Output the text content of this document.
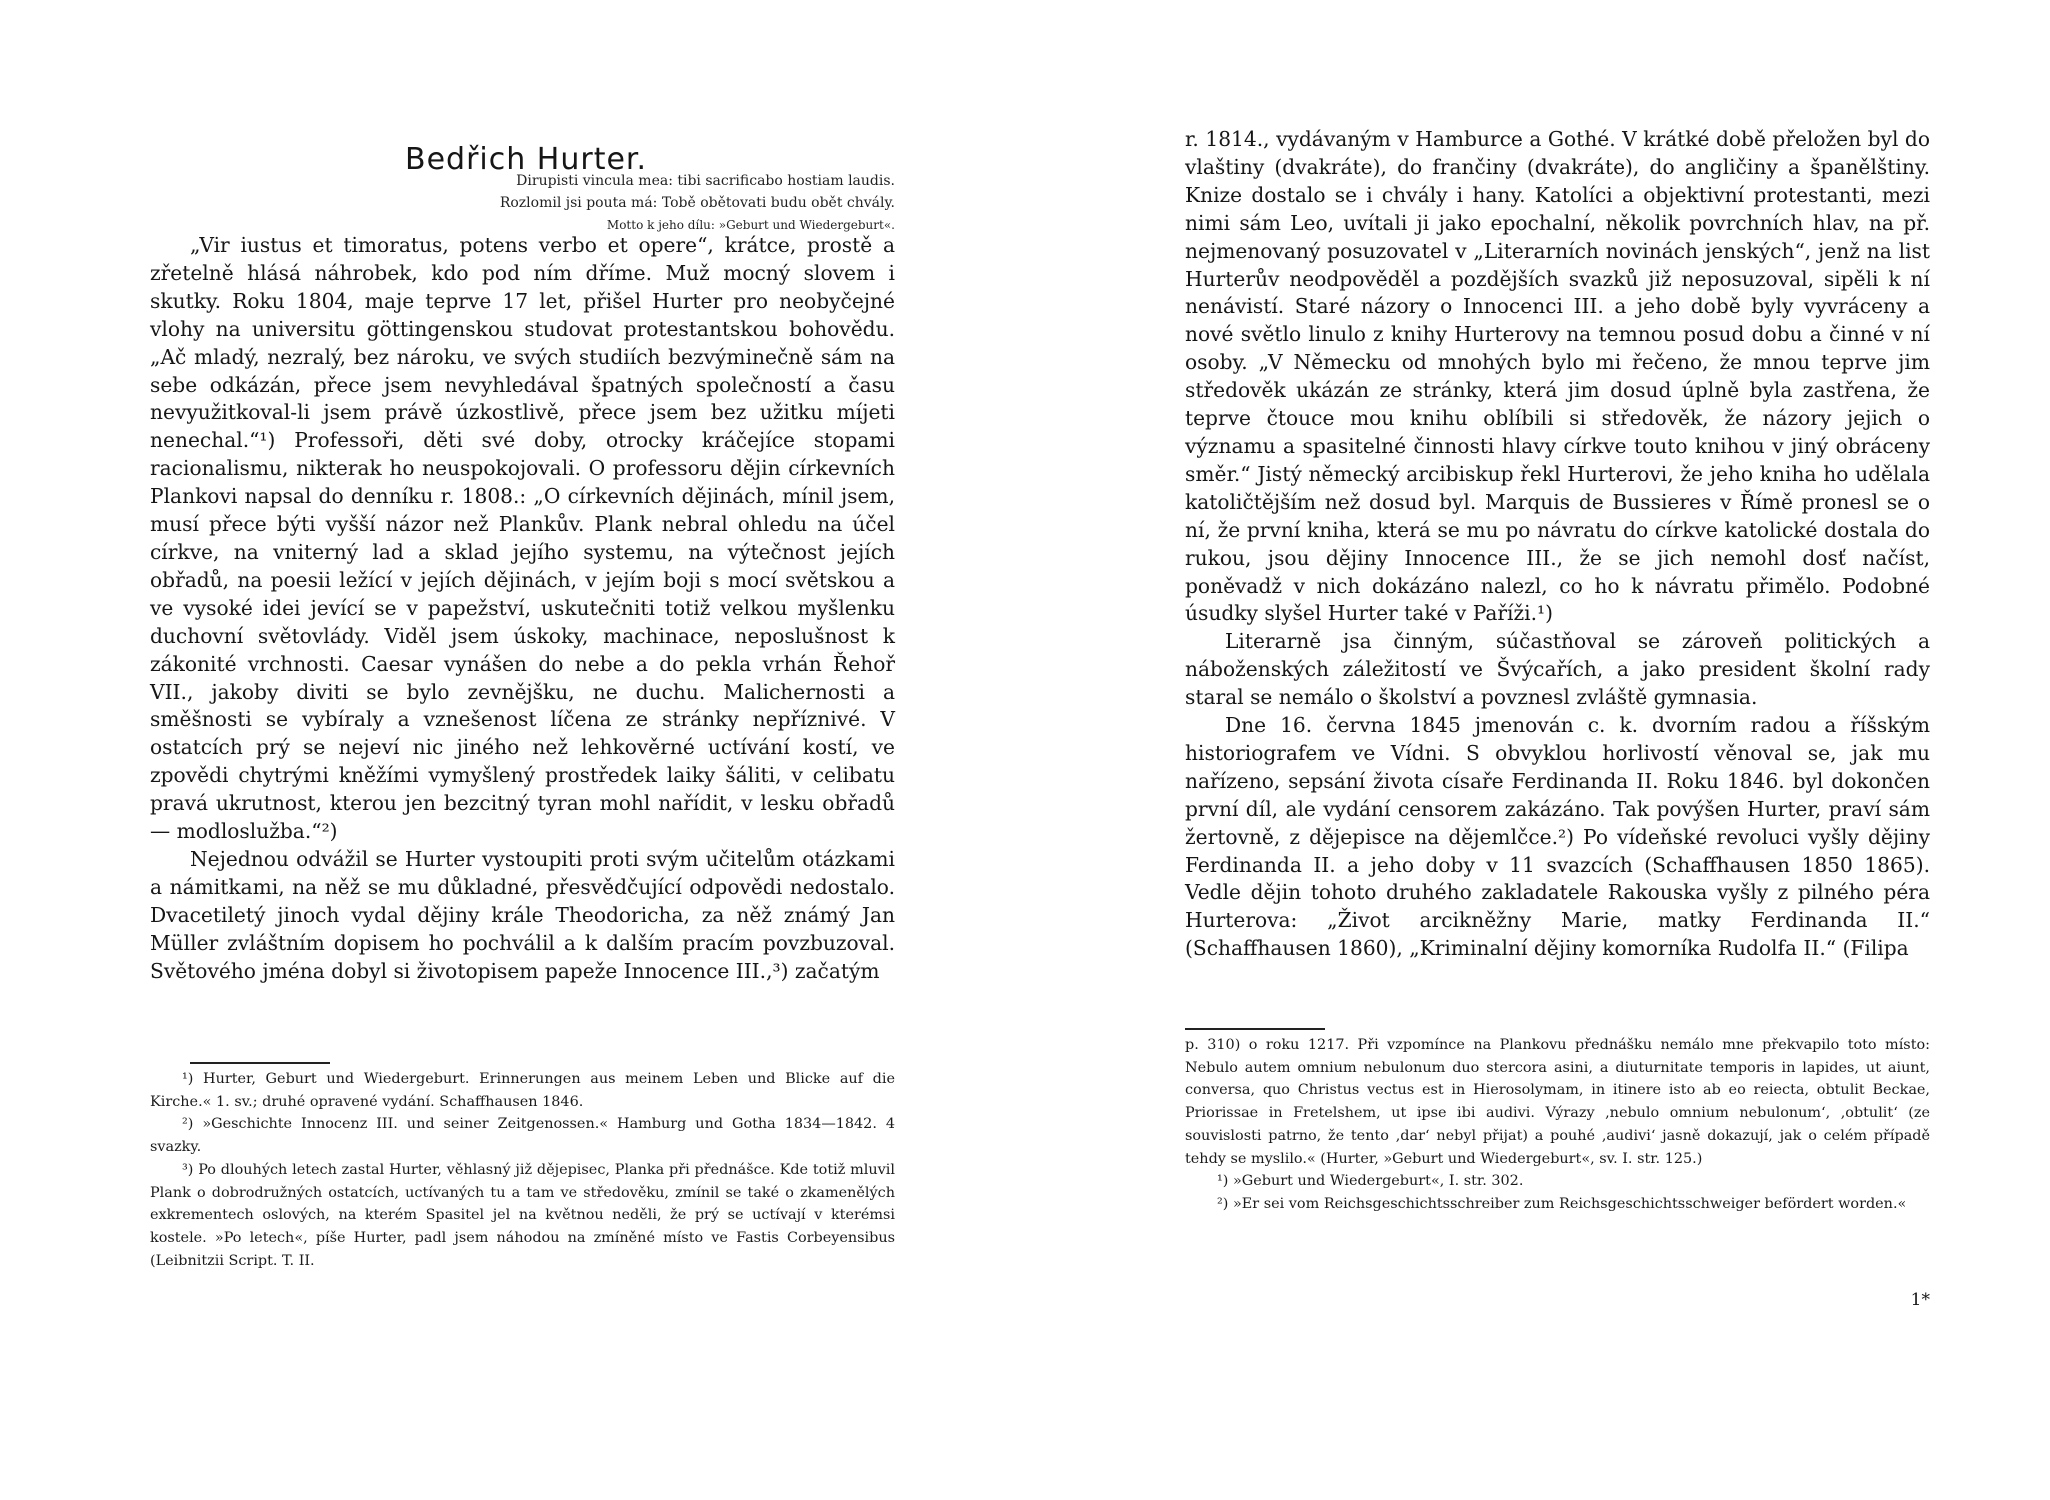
Bedřich Hurter.
Dirupisti vincula mea: tibi sacrificabo hostiam laudis.
Rozlomil jsi pouta má: Tobě obětovati budu obět chvály.
Motto k jeho dílu: »Geburt und Wiedergeburt«.

„Vir iustus et timoratus, potens verbo et opere“, krátce, prostě a zřetelně hlásá náhrobek, kdo pod ním dříme. Muž mocný slovem i skutky. Roku 1804, maje teprve 17 let, přišel Hurter pro neobyčejné vlohy na universitu göttingenskou studovat protestantskou bohovědu. „Ač mladý, nezralý, bez nároku, ve svých studiích bezvýminečně sám na sebe odkázán, přece jsem nevyhledával špatných společností a času nevyužitkoval-li jsem právě úzkostlivě, přece jsem bez užitku míjeti nenechal.“¹) Professoři, děti své doby, otrocky kráčejíce stopami racionalismu, nikterak ho neuspokojovali. O professoru dějin církevních Plankovi napsal do denníku r. 1808.: „O církevních dějinách, mínil jsem, musí přece býti vyšší názor než Plankův. Plank nebral ohledu na účel církve, na vniterný lad a sklad jejího systemu, na výtečnost jejích obřadů, na poesii ležící v jejích dějinách, v jejím boji s mocí světskou a ve vysoké idei jevící se v papežství, uskutečniti totiž velkou myšlenku duchovní světovlády. Viděl jsem úskoky, machinace, neposlušnost k zákonité vrchnosti. Caesar vynášen do nebe a do pekla vrhán Řehoř VII., jakoby diviti se bylo zevnějšku, ne duchu. Malichernosti a směšnosti se vybíraly a vznešenost líčena ze stránky nepříznivé. V ostatcích prý se nejeví nic jiného než lehkověrné uctívání kostí, ve zpovědi chytrými kněžími vymyšlený prostředek laiky šáliti, v celibatu pravá ukrutnost, kterou jen bezcitný tyran mohl nařídit, v lesku obřadů — modloslužba.“²)

Nejednou odvážil se Hurter vystoupiti proti svým učitelům otázkami a námitkami, na něž se mu důkladné, přesvědčující odpovědi nedostalo. Dvacetiletý jinoch vydal dějiny krále Theodoricha, za něž známý Jan Müller zvláštním dopisem ho pochválil a k dalším pracím povzbuzoval. Světového jména dobyl si životopisem papeže Innocence III.,³) začatým

¹) Hurter, Geburt und Wiedergeburt. Erinnerungen aus meinem Leben und Blicke auf die Kirche.« 1. sv.; druhé opravené vydání. Schaffhausen 1846.

²) »Geschichte Innocenz III. und seiner Zeitgenossen.« Hamburg und Gotha 1834—1842. 4 svazky.

³) Po dlouhých letech zastal Hurter, věhlasný již dějepisec, Planka při přednášce. Kde totiž mluvil Plank o dobrodružných ostatcích, uctívaných tu a tam ve středověku, zmínil se také o zkamenělých exkrementech oslových, na kterém Spasitel jel na květnou neděli, že prý se uctívají v kterémsi kostele. »Po letech«, píše Hurter, padl jsem náhodou na zmíněné místo ve Fastis Corbeyensibus (Leibnitzii Script. T. II.

r. 1814., vydávaným v Hamburce a Gothé. V krátké době přeložen byl do vlaštiny (dvakráte), do frančiny (dvakráte), do angličiny a španělštiny. Knize dostalo se i chvály i hany. Katolíci a objektivní protestanti, mezi nimi sám Leo, uvítali ji jako epochalní, několik povrchních hlav, na př. nejmenovaný posuzovatel v „Literarních novinách jenských“, jenž na list Hurterův neodpověděl a pozdějších svazků již neposuzoval, sipěli k ní nenávistí. Staré názory o Innocenci III. a jeho době byly vyvráceny a nové světlo linulo z knihy Hurterovy na temnou posud dobu a činné v ní osoby. „V Německu od mnohých bylo mi řečeno, že mnou teprve jim středověk ukázán ze stránky, která jim dosud úplně byla zastřena, že teprve čtouce mou knihu oblíbili si středověk, že názory jejich o významu a spasitelné činnosti hlavy církve touto knihou v jiný obráceny směr.“ Jistý německý arcibiskup řekl Hurterovi, že jeho kniha ho udělala katoličtějším než dosud byl. Marquis de Bussieres v Římě pronesl se o ní, že první kniha, která se mu po návratu do církve katolické dostala do rukou, jsou dějiny Innocence III., že se jich nemohl dosť načíst, poněvadž v nich dokázáno nalezl, co ho k návratu přimělo. Podobné úsudky slyšel Hurter také v Paříži.¹)

Literarně jsa činným, súčastňoval se zároveň politických a náboženských záležitostí ve Švýcařích, a jako president školní rady staral se nemálo o školství a povznesl zvláště gymnasia.

Dne 16. června 1845 jmenován c. k. dvorním radou a říšským historiografem ve Vídni. S obvyklou horlivostí věnoval se, jak mu nařízeno, sepsání života císaře Ferdinanda II. Roku 1846. byl dokončen první díl, ale vydání censorem zakázáno. Tak povýšen Hurter, praví sám žertovně, z dějepisce na dějemlčce.²) Po vídeňské revoluci vyšly dějiny Ferdinanda II. a jeho doby v 11 svazcích (Schaffhausen 1850 1865). Vedle dějin tohoto druhého zakladatele Rakouska vyšly z pilného péra Hurterova: „Život arcikněžny Marie, matky Ferdinanda II.“ (Schaffhausen 1860), „Kriminalní dějiny komorníka Rudolfa II.“ (Filipa

p. 310) o roku 1217. Při vzpomínce na Plankovu přednášku nemálo mne překvapilo toto místo: Nebulo autem omnium nebulonum duo stercora asini, a diuturnitate temporis in lapides, ut aiunt, conversa, quo Christus vectus est in Hierosolymam, in itinere isto ab eo reiecta, obtulit Beckae, Priorissae in Fretelshem, ut ipse ibi audivi. Výrazy ,nebulo omnium nebulonum‘, ,obtulit‘ (ze souvislosti patrno, že tento ,dar‘ nebyl přijat) a pouhé ,audivi‘ jasně dokazují, jak o celém případě tehdy se myslilo.« (Hurter, »Geburt und Wiedergeburt«, sv. I. str. 125.)

¹) »Geburt und Wiedergeburt«, I. str. 302.

²) »Er sei vom Reichsgeschichtsschreiber zum Reichsgeschichtsschweiger befördert worden.«

1*
